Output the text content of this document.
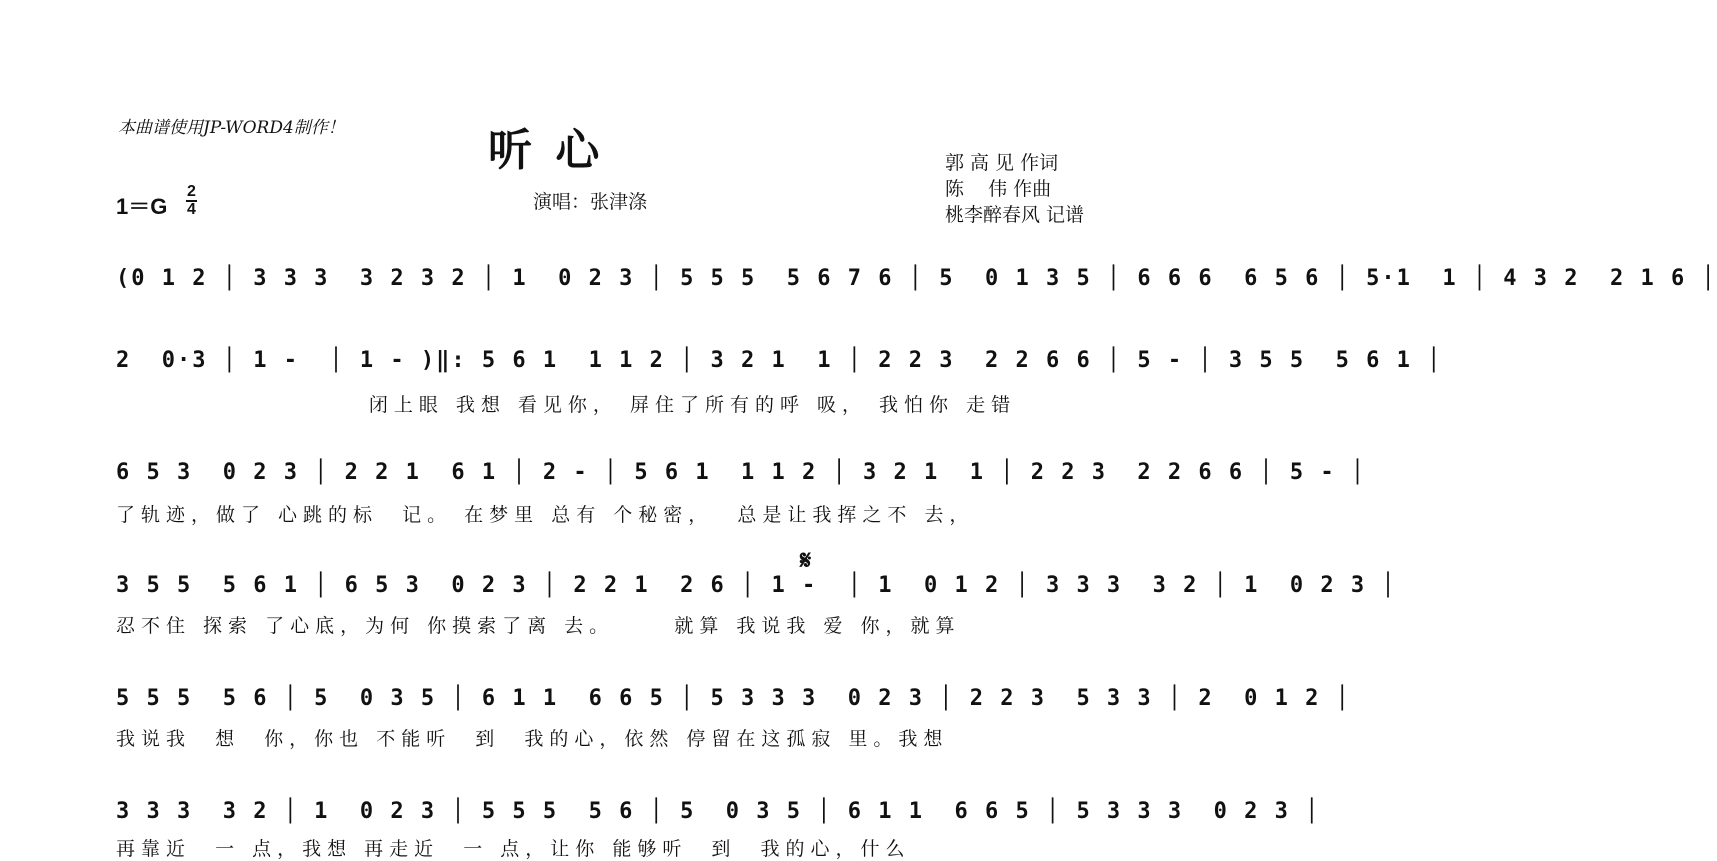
本曲谱使用JP-WORD4制作！	听 心
演唱：张津涤
郭 高 见 作词
陈    伟 作曲
桃李醉春风 记谱
$1=G \frac{2}{4}$
𝄋
(0 1 2 │ 3 3 3  3 2 3 2 │ 1  0 2 3 │ 5 5 5  5 6 7 6 │ 5  0 1 3 5 │ 6 6 6  6 5 6 │ 5·1  1 │ 4 3 2  2 1 6 │
2  0·3 │ 1 -  │ 1 - )‖: 5 6 1  1 1 2 │ 3 2 1  1 │ 2 2 3  2 2 6 6 │ 5 - │ 3 5 5  5 6 1 │
闭上眼 我想 看见你， 屏住了所有的呼 吸， 我怕你 走错
6 5 3  0 2 3 │ 2 2 1  6 1 │ 2 - │ 5 6 1  1 1 2 │ 3 2 1  1 │ 2 2 3  2 2 6 6 │ 5 - │
了轨迹，做了 心跳的标  记。 在梦里 总有 个秘密，  总是让我挥之不 去，
3 5 5  5 6 1 │ 6 5 3  0 2 3 │ 2 2 1  2 6 │ 1 -  │ 1  0 1 2 │ 3 3 3  3 2 │ 1  0 2 3 │
忍不住 探索 了心底，为何 你摸索了离 去。     就算 我说我 爱 你，就算
5 5 5  5 6 │ 5  0 3 5 │ 6 1 1  6 6 5 │ 5 3 3 3  0 2 3 │ 2 2 3  5 3 3 │ 2  0 1 2 │
我说我  想  你，你也 不能听  到  我的心，依然 停留在这孤寂 里。我想
3 3 3  3 2 │ 1  0 2 3 │ 5 5 5  5 6 │ 5  0 3 5 │ 6 1 1  6 6 5 │ 5 3 3 3  0 2 3 │
再靠近  一 点，我想 再走近  一 点，让你 能够听  到  我的心，什么
